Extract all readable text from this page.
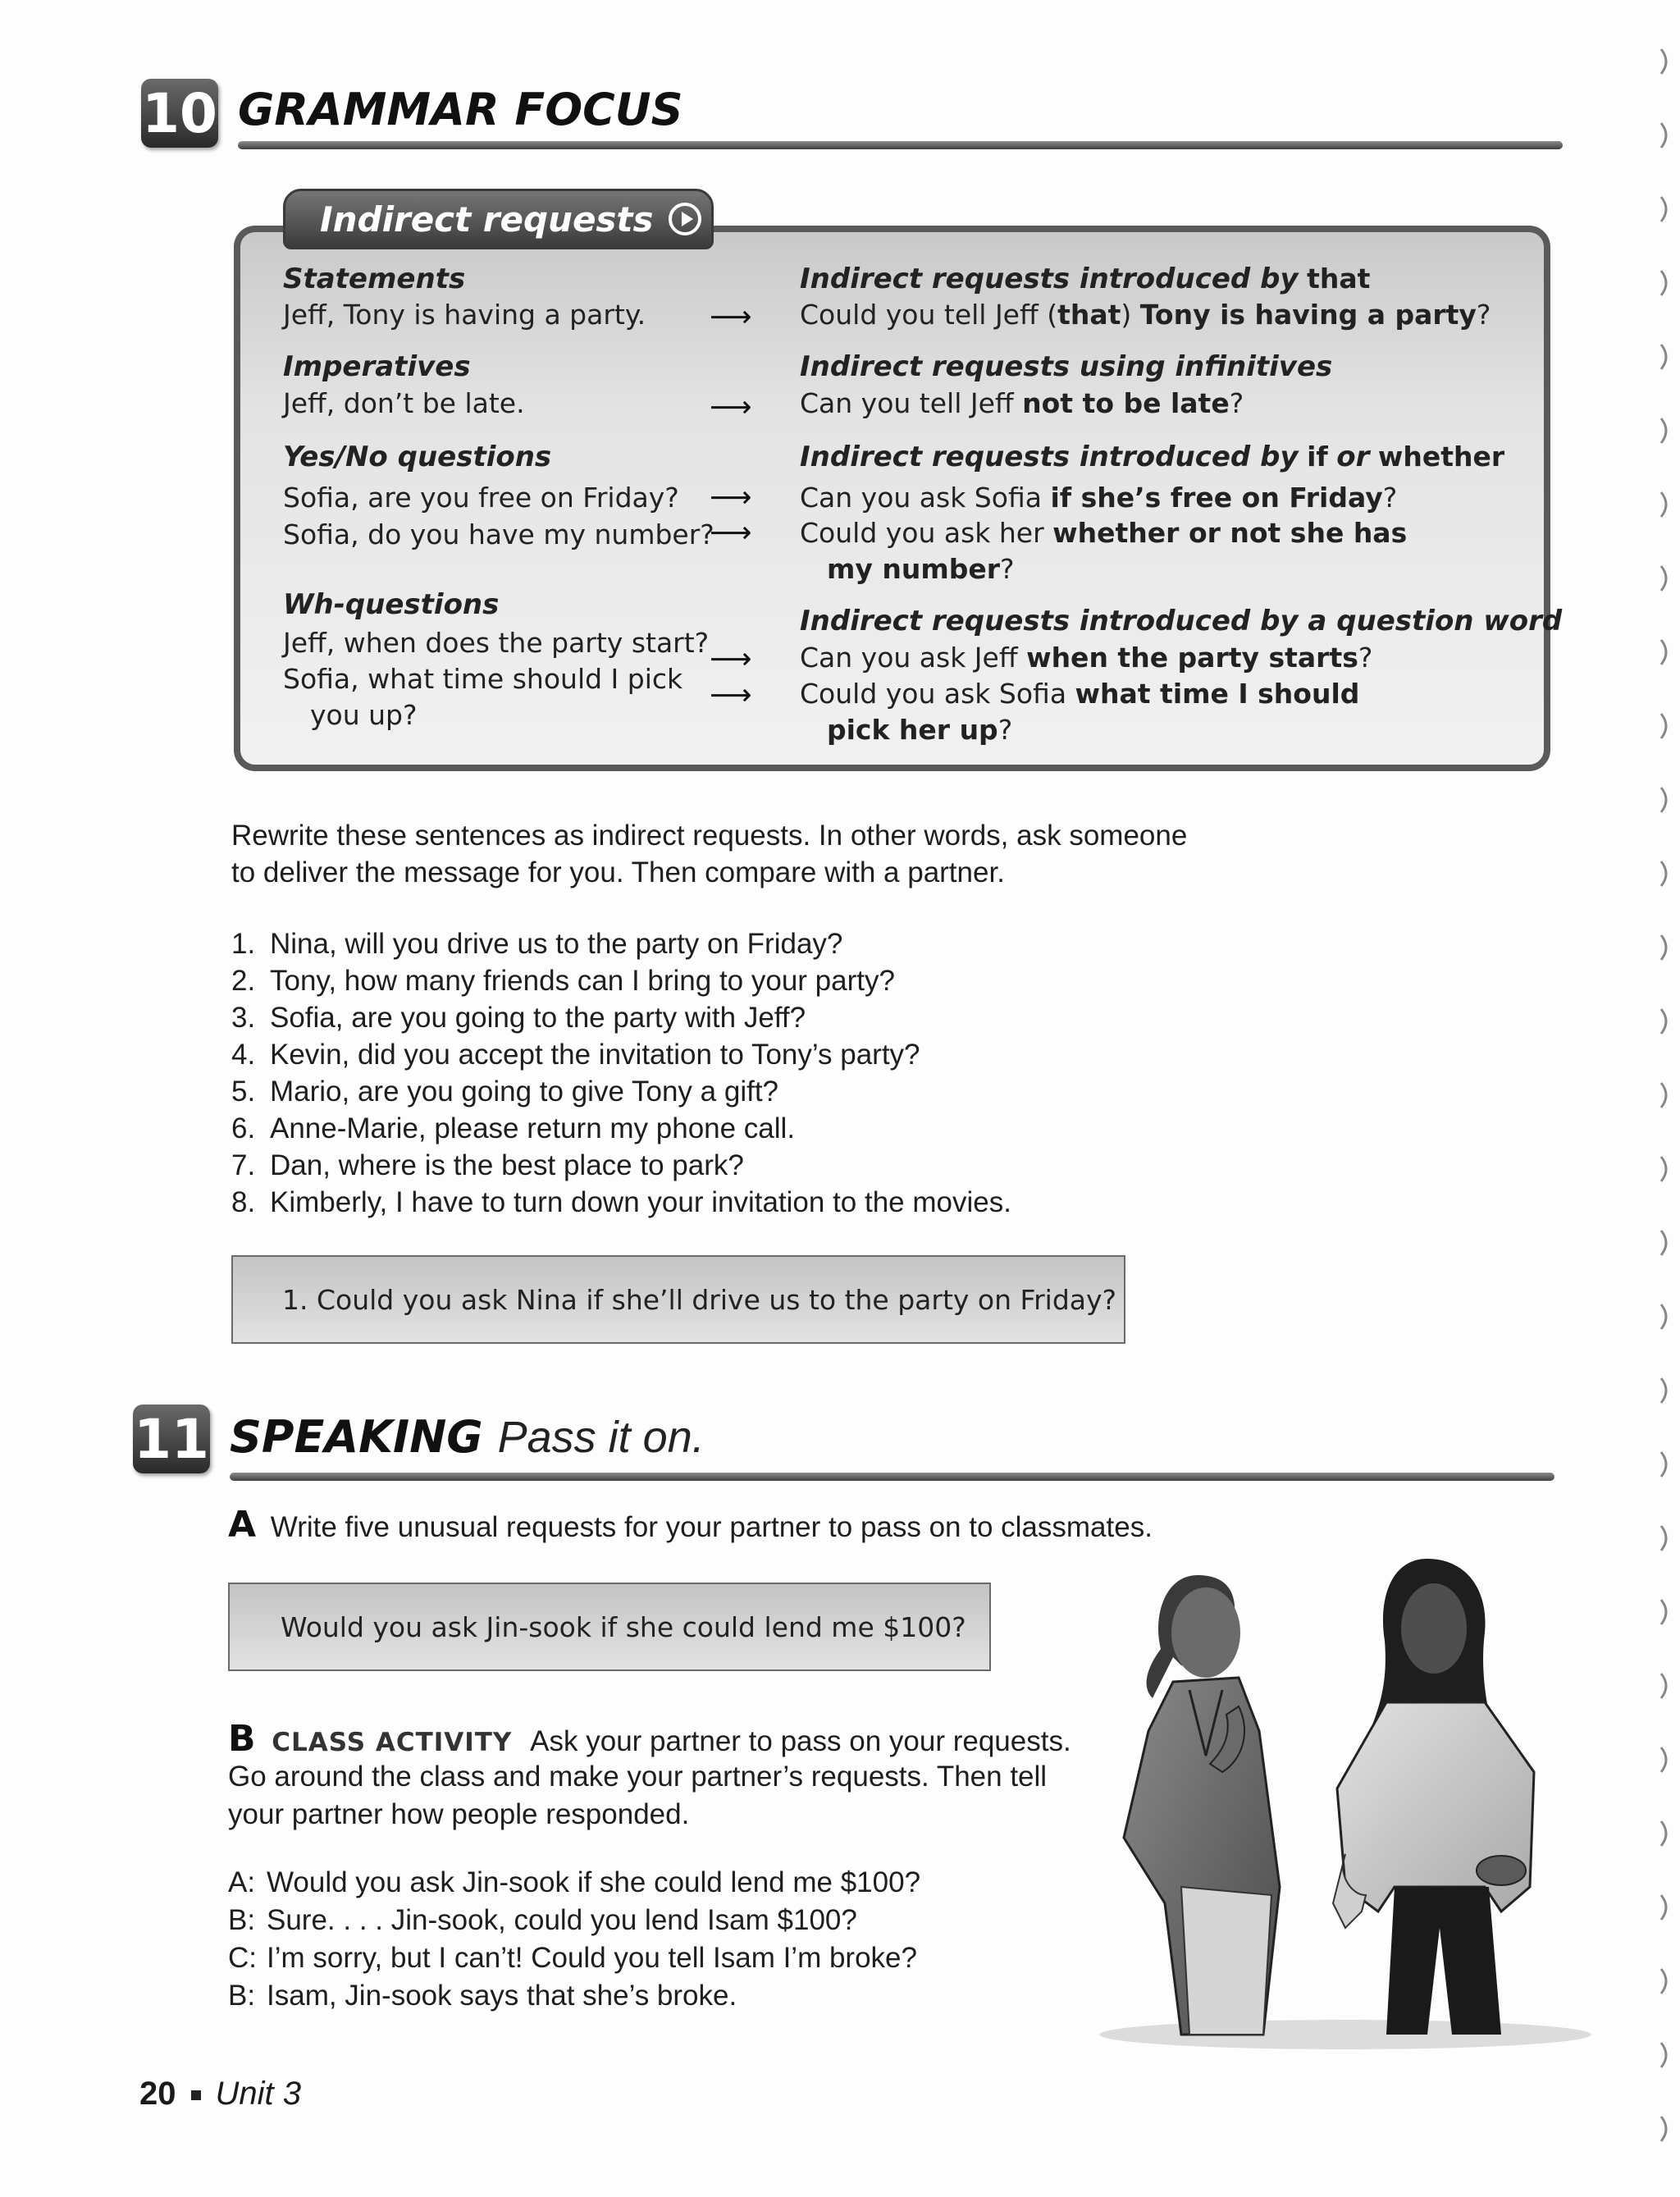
10 GRAMMAR FOCUS
Indirect requests
Statements
Jeff, Tony is having a party.
Imperatives
Jeff, don’t be late.
Yes/No questions
Sofia, are you free on Friday?
Sofia, do you have my number?
Wh-questions
Jeff, when does the party start?
Sofia, what time should I pick
you up?
⟶
⟶
⟶
⟶
⟶
⟶
Indirect requests introduced by that
Could you tell Jeff (that) Tony is having a party?
Indirect requests using infinitives
Can you tell Jeff not to be late?
Indirect requests introduced by if or whether
Can you ask Sofia if she’s free on Friday?
Could you ask her whether or not she has
my number?
Indirect requests introduced by a question word
Can you ask Jeff when the party starts?
Could you ask Sofia what time I should
pick her up?
Rewrite these sentences as indirect requests. In other words, ask someone
to deliver the message for you. Then compare with a partner.
1. Nina, will you drive us to the party on Friday?
2. Tony, how many friends can I bring to your party?
3. Sofia, are you going to the party with Jeff?
4. Kevin, did you accept the invitation to Tony’s party?
5. Mario, are you going to give Tony a gift?
6. Anne-Marie, please return my phone call.
7. Dan, where is the best place to park?
8. Kimberly, I have to turn down your invitation to the movies.
1. Could you ask Nina if she’ll drive us to the party on Friday?
11 SPEAKING Pass it on.
A Write five unusual requests for your partner to pass on to classmates.
Would you ask Jin-sook if she could lend me $100?
B CLASS ACTIVITY Ask your partner to pass on your requests.
Go around the class and make your partner’s requests. Then tell
your partner how people responded.
A: Would you ask Jin-sook if she could lend me $100?
B: Sure. . . . Jin-sook, could you lend Isam $100?
C: I’m sorry, but I can’t! Could you tell Isam I’m broke?
B: Isam, Jin-sook says that she’s broke.
20 Unit 3
